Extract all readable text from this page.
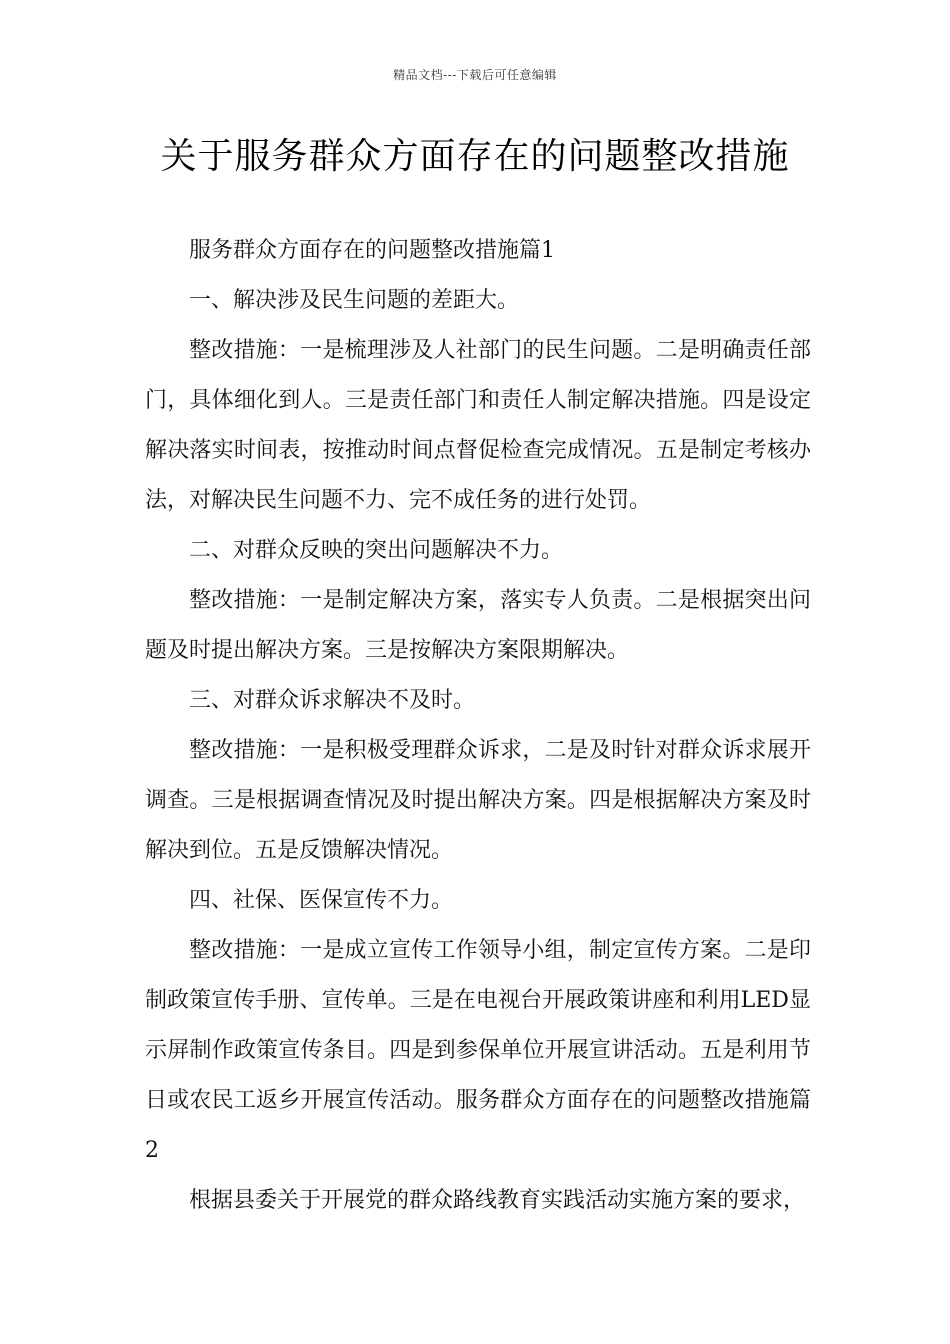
精品文档---下载后可任意编辑
关于服务群众方面存在的问题整改措施

服务群众方面存在的问题整改措施篇1

一、解决涉及民生问题的差距大。

整改措施：一是梳理涉及人社部门的民生问题。二是明确责任部门，具体细化到人。三是责任部门和责任人制定解决措施。四是设定解决落实时间表，按推动时间点督促检查完成情况。五是制定考核办法，对解决民生问题不力、完不成任务的进行处罚。

二、对群众反映的突出问题解决不力。

整改措施：一是制定解决方案，落实专人负责。二是根据突出问题及时提出解决方案。三是按解决方案限期解决。

三、对群众诉求解决不及时。

整改措施：一是积极受理群众诉求，二是及时针对群众诉求展开调查。三是根据调查情况及时提出解决方案。四是根据解决方案及时解决到位。五是反馈解决情况。

四、社保、医保宣传不力。

整改措施：一是成立宣传工作领导小组，制定宣传方案。二是印制政策宣传手册、宣传单。三是在电视台开展政策讲座和利用LED显示屏制作政策宣传条目。四是到参保单位开展宣讲活动。五是利用节日或农民工返乡开展宣传活动。服务群众方面存在的问题整改措施篇2

根据县委关于开展党的群众路线教育实践活动实施方案的要求，
